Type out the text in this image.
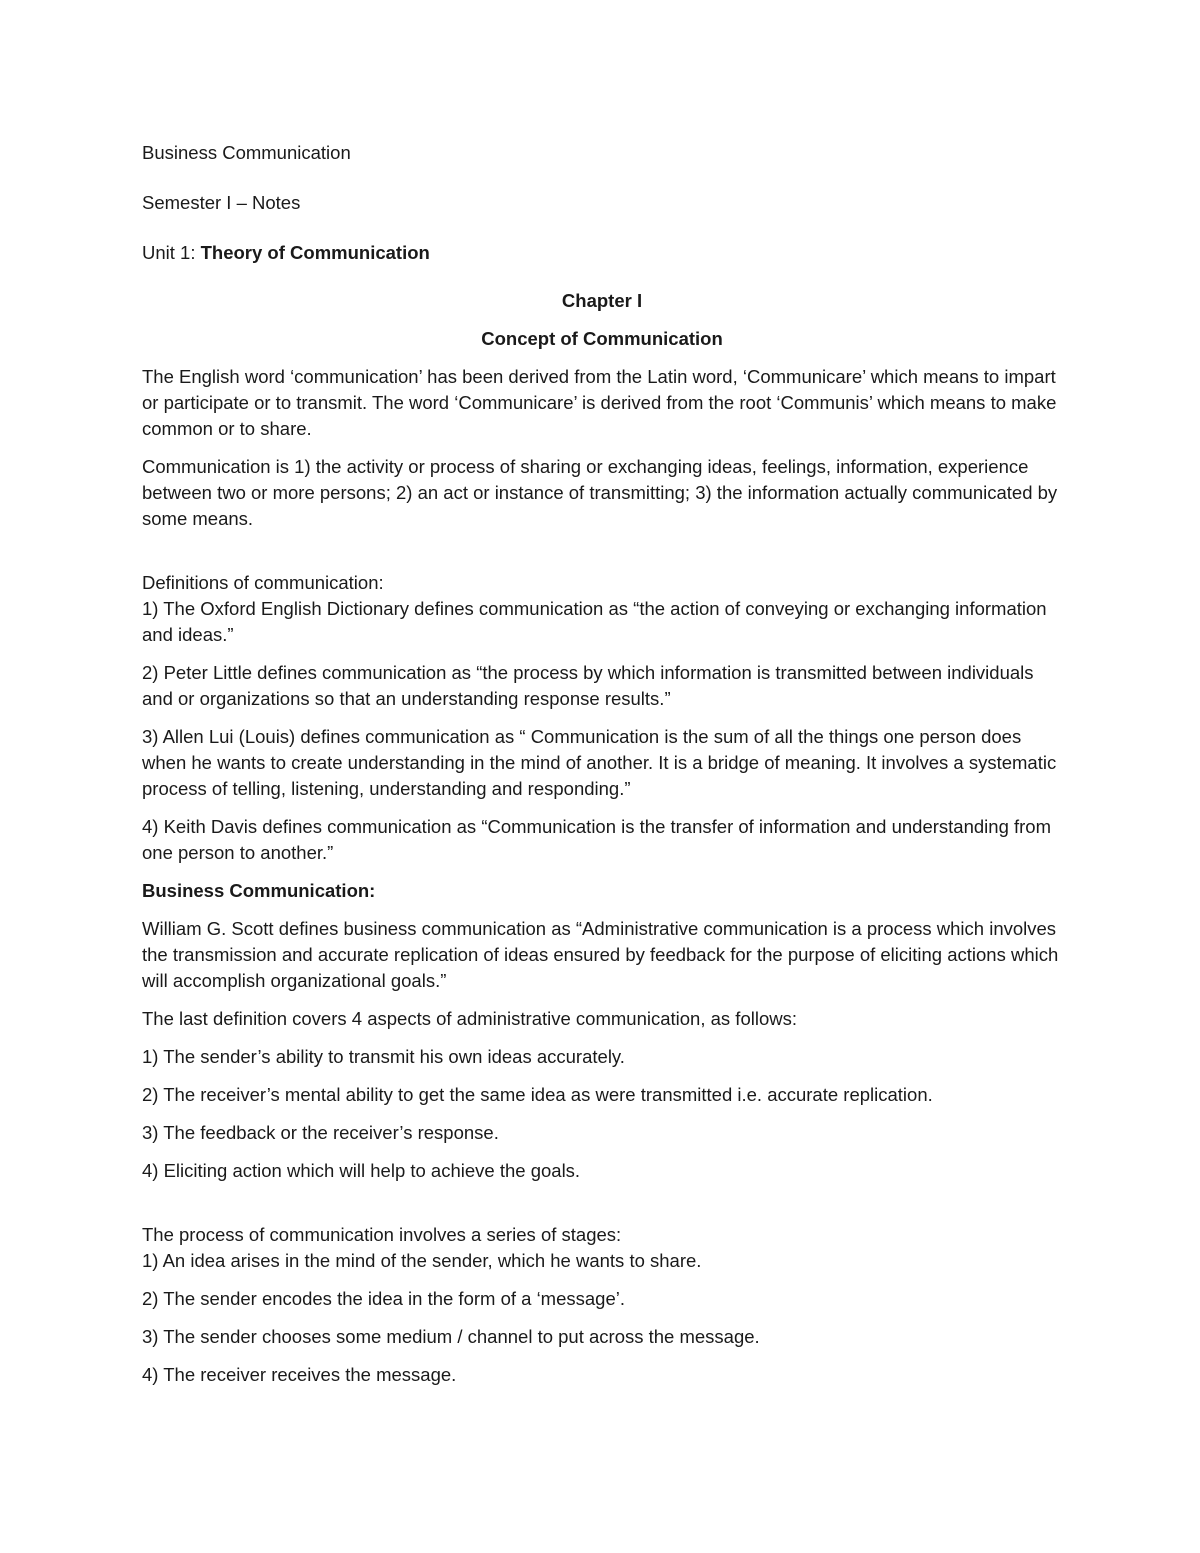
Business Communication

Semester I – Notes

Unit 1: Theory of Communication

Chapter I

Concept of Communication

The English word ‘communication’ has been derived from the Latin word, ‘Communicare’ which means to impart or participate or to transmit. The word ‘Communicare’ is derived from the root ‘Communis’ which means to make common or to share.

Communication is 1) the activity or process of sharing or exchanging ideas, feelings, information, experience between two or more persons; 2) an act or instance of transmitting; 3) the information actually communicated by some means.

Definitions of communication:

1) The Oxford English Dictionary defines communication as “the action of conveying or exchanging information and ideas.”

2) Peter Little defines communication as “the process by which information is transmitted between individuals and or organizations so that an understanding response results.”

3) Allen Lui (Louis) defines communication as “ Communication is the sum of all the things one person does when he wants to create understanding in the mind of another. It is a bridge of meaning. It involves a systematic process of telling, listening, understanding and responding.”

4) Keith Davis defines communication as “Communication is the transfer of information and understanding from one person to another.”

Business Communication:

William G. Scott defines business communication as “Administrative communication is a process which involves the transmission and accurate replication of ideas ensured by feedback for the purpose of eliciting actions which will accomplish organizational goals.”

The last definition covers 4 aspects of administrative communication, as follows:

1) The sender’s ability to transmit his own ideas accurately.

2) The receiver’s mental ability to get the same idea as were transmitted i.e. accurate replication.

3) The feedback or the receiver’s response.

4) Eliciting action which will help to achieve the goals.

The process of communication involves a series of stages:

1) An idea arises in the mind of the sender, which he wants to share.

2) The sender encodes the idea in the form of a ‘message’.

3) The sender chooses some medium / channel to put across the message.

4) The receiver receives the message.
